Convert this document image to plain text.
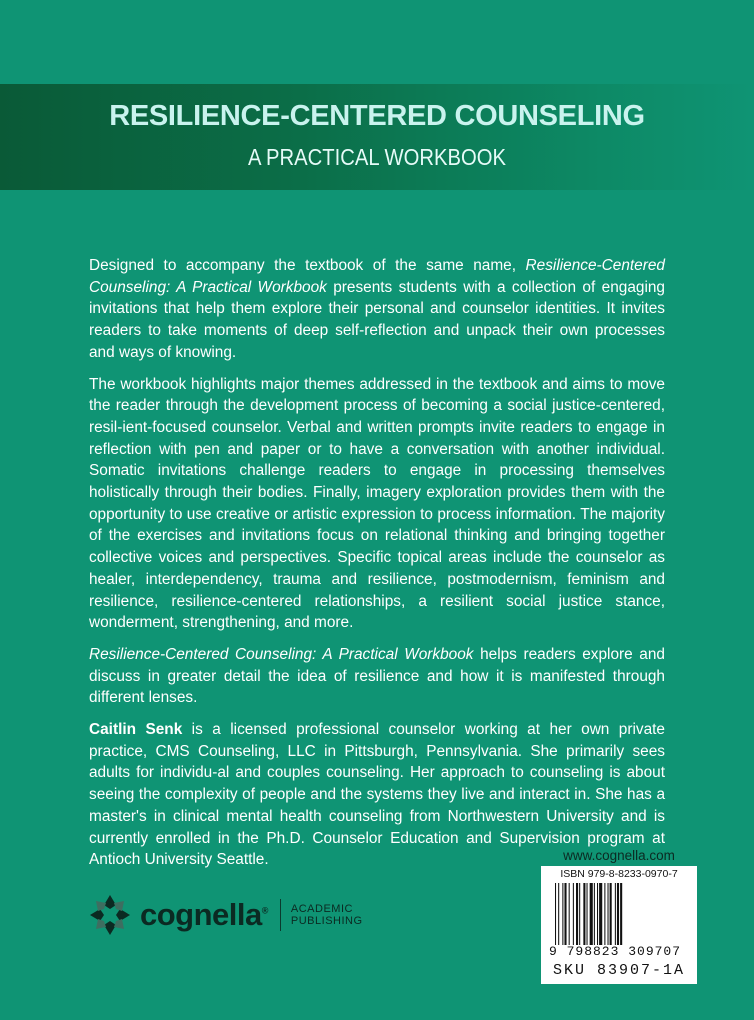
RESILIENCE-CENTERED COUNSELING
A PRACTICAL WORKBOOK

Designed to accompany the textbook of the same name, Resilience-Centered Counseling: A Practical Workbook presents students with a collection of engaging invitations that help them explore their personal and counselor identities. It invites readers to take moments of deep self-reflection and unpack their own processes and ways of knowing.

The workbook highlights major themes addressed in the textbook and aims to move the reader through the development process of becoming a social justice-centered, resil-ient-focused counselor. Verbal and written prompts invite readers to engage in reflection with pen and paper or to have a conversation with another individual. Somatic invitations challenge readers to engage in processing themselves holistically through their bodies. Finally, imagery exploration provides them with the opportunity to use creative or artistic expression to process information. The majority of the exercises and invitations focus on relational thinking and bringing together collective voices and perspectives. Specific topical areas include the counselor as healer, interdependency, trauma and resilience, postmodernism, feminism and resilience, resilience-centered relationships, a resilient social justice stance, wonderment, strengthening, and more.

Resilience-Centered Counseling: A Practical Workbook helps readers explore and discuss in greater detail the idea of resilience and how it is manifested through different lenses.

Caitlin Senk is a licensed professional counselor working at her own private practice, CMS Counseling, LLC in Pittsburgh, Pennsylvania. She primarily sees adults for individu-al and couples counseling. Her approach to counseling is about seeing the complexity of people and the systems they live and interact in. She has a master's in clinical mental health counseling from Northwestern University and is currently enrolled in the Ph.D. Counselor Education and Supervision program at Antioch University Seattle.

cognella® ACADEMIC
PUBLISHING
www.cognella.com
ISBN 979-8-8233-0970-7
9 798823 309707
SKU 83907-1A
